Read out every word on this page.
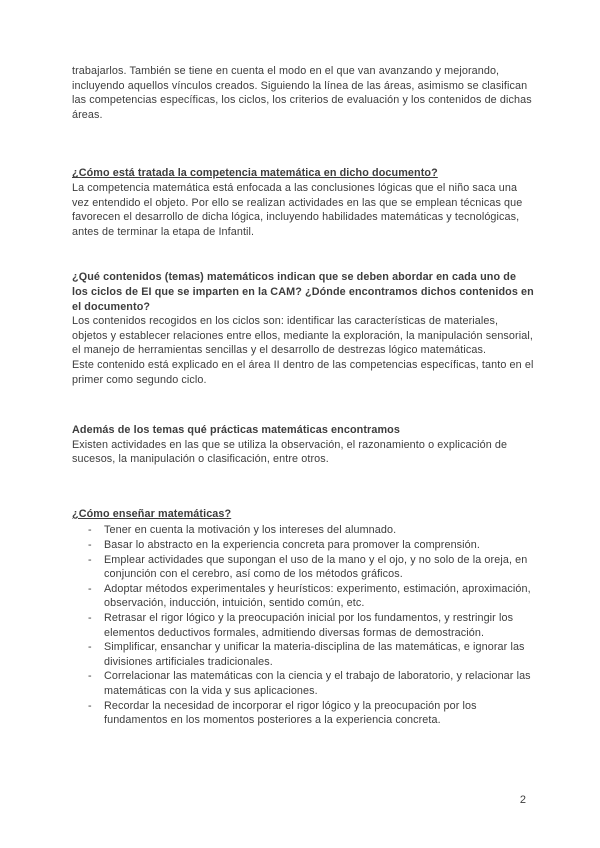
trabajarlos. También se tiene en cuenta el modo en el que van avanzando y mejorando, incluyendo aquellos vínculos creados. Siguiendo la línea de las áreas, asimismo se clasifican las competencias específicas, los ciclos, los criterios de evaluación y los contenidos de dichas áreas.

¿Cómo está tratada la competencia matemática en dicho documento?

La competencia matemática está enfocada a las conclusiones lógicas que el niño saca una vez entendido el objeto. Por ello se realizan actividades en las que se emplean técnicas que favorecen el desarrollo de dicha lógica, incluyendo habilidades matemáticas y tecnológicas, antes de terminar la etapa de Infantil.

¿Qué contenidos (temas) matemáticos indican que se deben abordar en cada uno de los ciclos de EI que se imparten en la CAM? ¿Dónde encontramos dichos contenidos en el documento?

Los contenidos recogidos en los ciclos son: identificar las características de materiales, objetos y establecer relaciones entre ellos, mediante la exploración, la manipulación sensorial, el manejo de herramientas sencillas y el desarrollo de destrezas lógico matemáticas.

Este contenido está explicado en el área II dentro de las competencias específicas, tanto en el primer como segundo ciclo.

Además de los temas qué prácticas matemáticas encontramos

Existen actividades en las que se utiliza la observación, el razonamiento o explicación de sucesos, la manipulación o clasificación, entre otros.

¿Cómo enseñar matemáticas?
-	Tener en cuenta la motivación y los intereses del alumnado.
-	Basar lo abstracto en la experiencia concreta para promover la comprensión.
-	Emplear actividades que supongan el uso de la mano y el ojo, y no solo de la oreja, en conjunción con el cerebro, así como de los métodos gráficos.
-	Adoptar métodos experimentales y heurísticos: experimento, estimación, aproximación, observación, inducción, intuición, sentido común, etc.
-	Retrasar el rigor lógico y la preocupación inicial por los fundamentos, y restringir los elementos deductivos formales, admitiendo diversas formas de demostración.
-	Simplificar, ensanchar y unificar la materia-disciplina de las matemáticas, e ignorar las divisiones artificiales tradicionales.
-	Correlacionar las matemáticas con la ciencia y el trabajo de laboratorio, y relacionar las matemáticas con la vida y sus aplicaciones.
-	Recordar la necesidad de incorporar el rigor lógico y la preocupación por los fundamentos en los momentos posteriores a la experiencia concreta.
2
